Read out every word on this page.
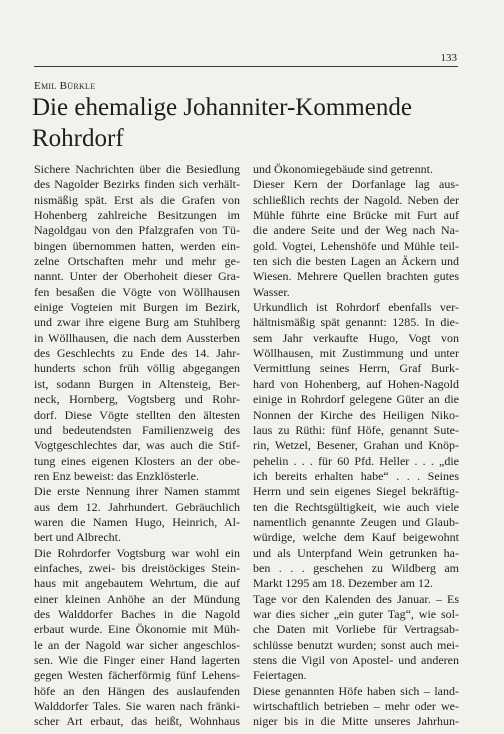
133
Emil Bürkle
Die ehemalige Johanniter-Kommende
Rohrdorf
Sichere Nachrichten über die Besiedlung
des Nagolder Bezirks finden sich verhält-
nismäßig spät. Erst als die Grafen von
Hohenberg zahlreiche Besitzungen im
Nagoldgau von den Pfalzgrafen von Tü-
bingen übernommen hatten, werden ein-
zelne Ortschaften mehr und mehr ge-
nannt. Unter der Oberhoheit dieser Gra-
fen besaßen die Vögte von Wöllhausen
einige Vogteien mit Burgen im Bezirk,
und zwar ihre eigene Burg am Stuhlberg
in Wöllhausen, die nach dem Aussterben
des Geschlechts zu Ende des 14. Jahr-
hunderts schon früh völlig abgegangen
ist, sodann Burgen in Altensteig, Ber-
neck, Hornberg, Vogtsberg und Rohr-
dorf. Diese Vögte stellten den ältesten
und bedeutendsten Familienzweig des
Vogtgeschlechtes dar, was auch die Stif-
tung eines eigenen Klosters an der obe-
ren Enz beweist: das Enzklösterle.
Die erste Nennung ihrer Namen stammt
aus dem 12. Jahrhundert. Gebräuchlich
waren die Namen Hugo, Heinrich, Al-
bert und Albrecht.
Die Rohrdorfer Vogtsburg war wohl ein
einfaches, zwei- bis dreistöckiges Stein-
haus mit angebautem Wehrtum, die auf
einer kleinen Anhöhe an der Mündung
des Walddorfer Baches in die Nagold
erbaut wurde. Eine Ökonomie mit Müh-
le an der Nagold war sicher angeschlos-
sen. Wie die Finger einer Hand lagerten
gegen Westen fächerförmig fünf Lehens-
höfe an den Hängen des auslaufenden
Walddorfer Tales. Sie waren nach fränki-
scher Art erbaut, das heißt, Wohnhaus
und Ökonomiegebäude sind getrennt.
Dieser Kern der Dorfanlage lag aus-
schließlich rechts der Nagold. Neben der
Mühle führte eine Brücke mit Furt auf
die andere Seite und der Weg nach Na-
gold. Vogtei, Lehenshöfe und Mühle teil-
ten sich die besten Lagen an Äckern und
Wiesen. Mehrere Quellen brachten gutes
Wasser.
Urkundlich ist Rohrdorf ebenfalls ver-
hältnismäßig spät genannt: 1285. In die-
sem Jahr verkaufte Hugo, Vogt von
Wöllhausen, mit Zustimmung und unter
Vermittlung seines Herrn, Graf Burk-
hard von Hohenberg, auf Hohen-Nagold
einige in Rohrdorf gelegene Güter an die
Nonnen der Kirche des Heiligen Niko-
laus zu Rüthi: fünf Höfe, genannt Sute-
rin, Wetzel, Besener, Grahan und Knöp-
pehelin . . . für 60 Pfd. Heller . . . „die
ich bereits erhalten habe“ . . . Seines
Herrn und sein eigenes Siegel bekräftig-
ten die Rechtsgültigkeit, wie auch viele
namentlich genannte Zeugen und Glaub-
würdige, welche dem Kauf beigewohnt
und als Unterpfand Wein getrunken ha-
ben . . . geschehen zu Wildberg am
Markt 1295 am 18. Dezember am 12.
Tage vor den Kalenden des Januar. – Es
war dies sicher „ein guter Tag“, wie sol-
che Daten mit Vorliebe für Vertragsab-
schlüsse benutzt wurden; sonst auch mei-
stens die Vigil von Apostel- und anderen
Feiertagen.
Diese genannten Höfe haben sich – land-
wirtschaftlich betrieben – mehr oder we-
niger bis in die Mitte unseres Jahrhun-
